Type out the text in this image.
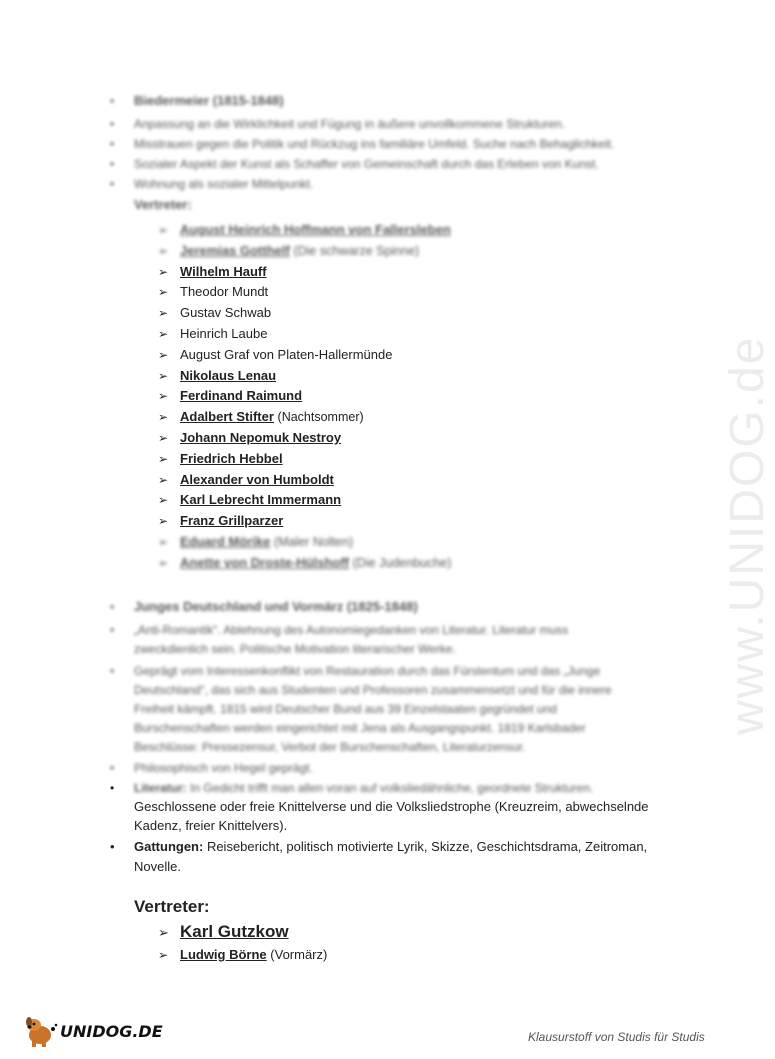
www.UNIDOG.de
• Biedermeier (1815-1848)
• Anpassung an die Wirklichkeit und Fügung in äußere unvollkommene Strukturen.
• Misstrauen gegen die Politik und Rückzug ins familiäre Umfeld. Suche nach Behaglichkeit.
• Sozialer Aspekt der Kunst als Schaffer von Gemeinschaft durch das Erleben von Kunst.
• Wohnung als sozialer Mittelpunkt.
Vertreter:
➢ August Heinrich Hoffmann von Fallersleben
➢ Jeremias Gotthelf (Die schwarze Spinne)
➢ Wilhelm Hauff
➢ Theodor Mundt
➢ Gustav Schwab
➢ Heinrich Laube
➢ August Graf von Platen-Hallermünde
➢ Nikolaus Lenau
➢ Ferdinand Raimund
➢ Adalbert Stifter (Nachtsommer)
➢ Johann Nepomuk Nestroy
➢ Friedrich Hebbel
➢ Alexander von Humboldt
➢ Karl Lebrecht Immermann
➢ Franz Grillparzer
➢ Eduard Mörike (Maler Nolten)
➢ Anette von Droste-Hülshoff (Die Judenbuche)
• Junges Deutschland und Vormärz (1825-1848)
• „Anti-Romantik“. Ablehnung des Autonomiegedanken von Literatur. Literatur muss
zweckdienlich sein. Politische Motivation literarischer Werke.
• Geprägt vom Interessenkonflikt von Restauration durch das Fürstentum und das „Junge
Deutschland“, das sich aus Studenten und Professoren zusammensetzt und für die innere
Freiheit kämpft. 1815 wird Deutscher Bund aus 39 Einzelstaaten gegründet und
Burschenschaften werden eingerichtet mit Jena als Ausgangspunkt. 1819 Karlsbader
Beschlüsse: Pressezensur, Verbot der Burschenschaften, Literaturzensur.
• Philosophisch von Hegel geprägt.
• Literatur: In Gedicht trifft man allen voran auf volksliedähnliche, geordnete Strukturen.
Geschlossene oder freie Knittelverse und die Volksliedstrophe (Kreuzreim, abwechselnde
Kadenz, freier Knittelvers).
• Gattungen: Reisebericht, politisch motivierte Lyrik, Skizze, Geschichtsdrama, Zeitroman,
Novelle.
Vertreter:
➢ Karl Gutzkow
➢ Ludwig Börne (Vormärz)
UNIDOG.DE	Klausurstoff von Studis für Studis
